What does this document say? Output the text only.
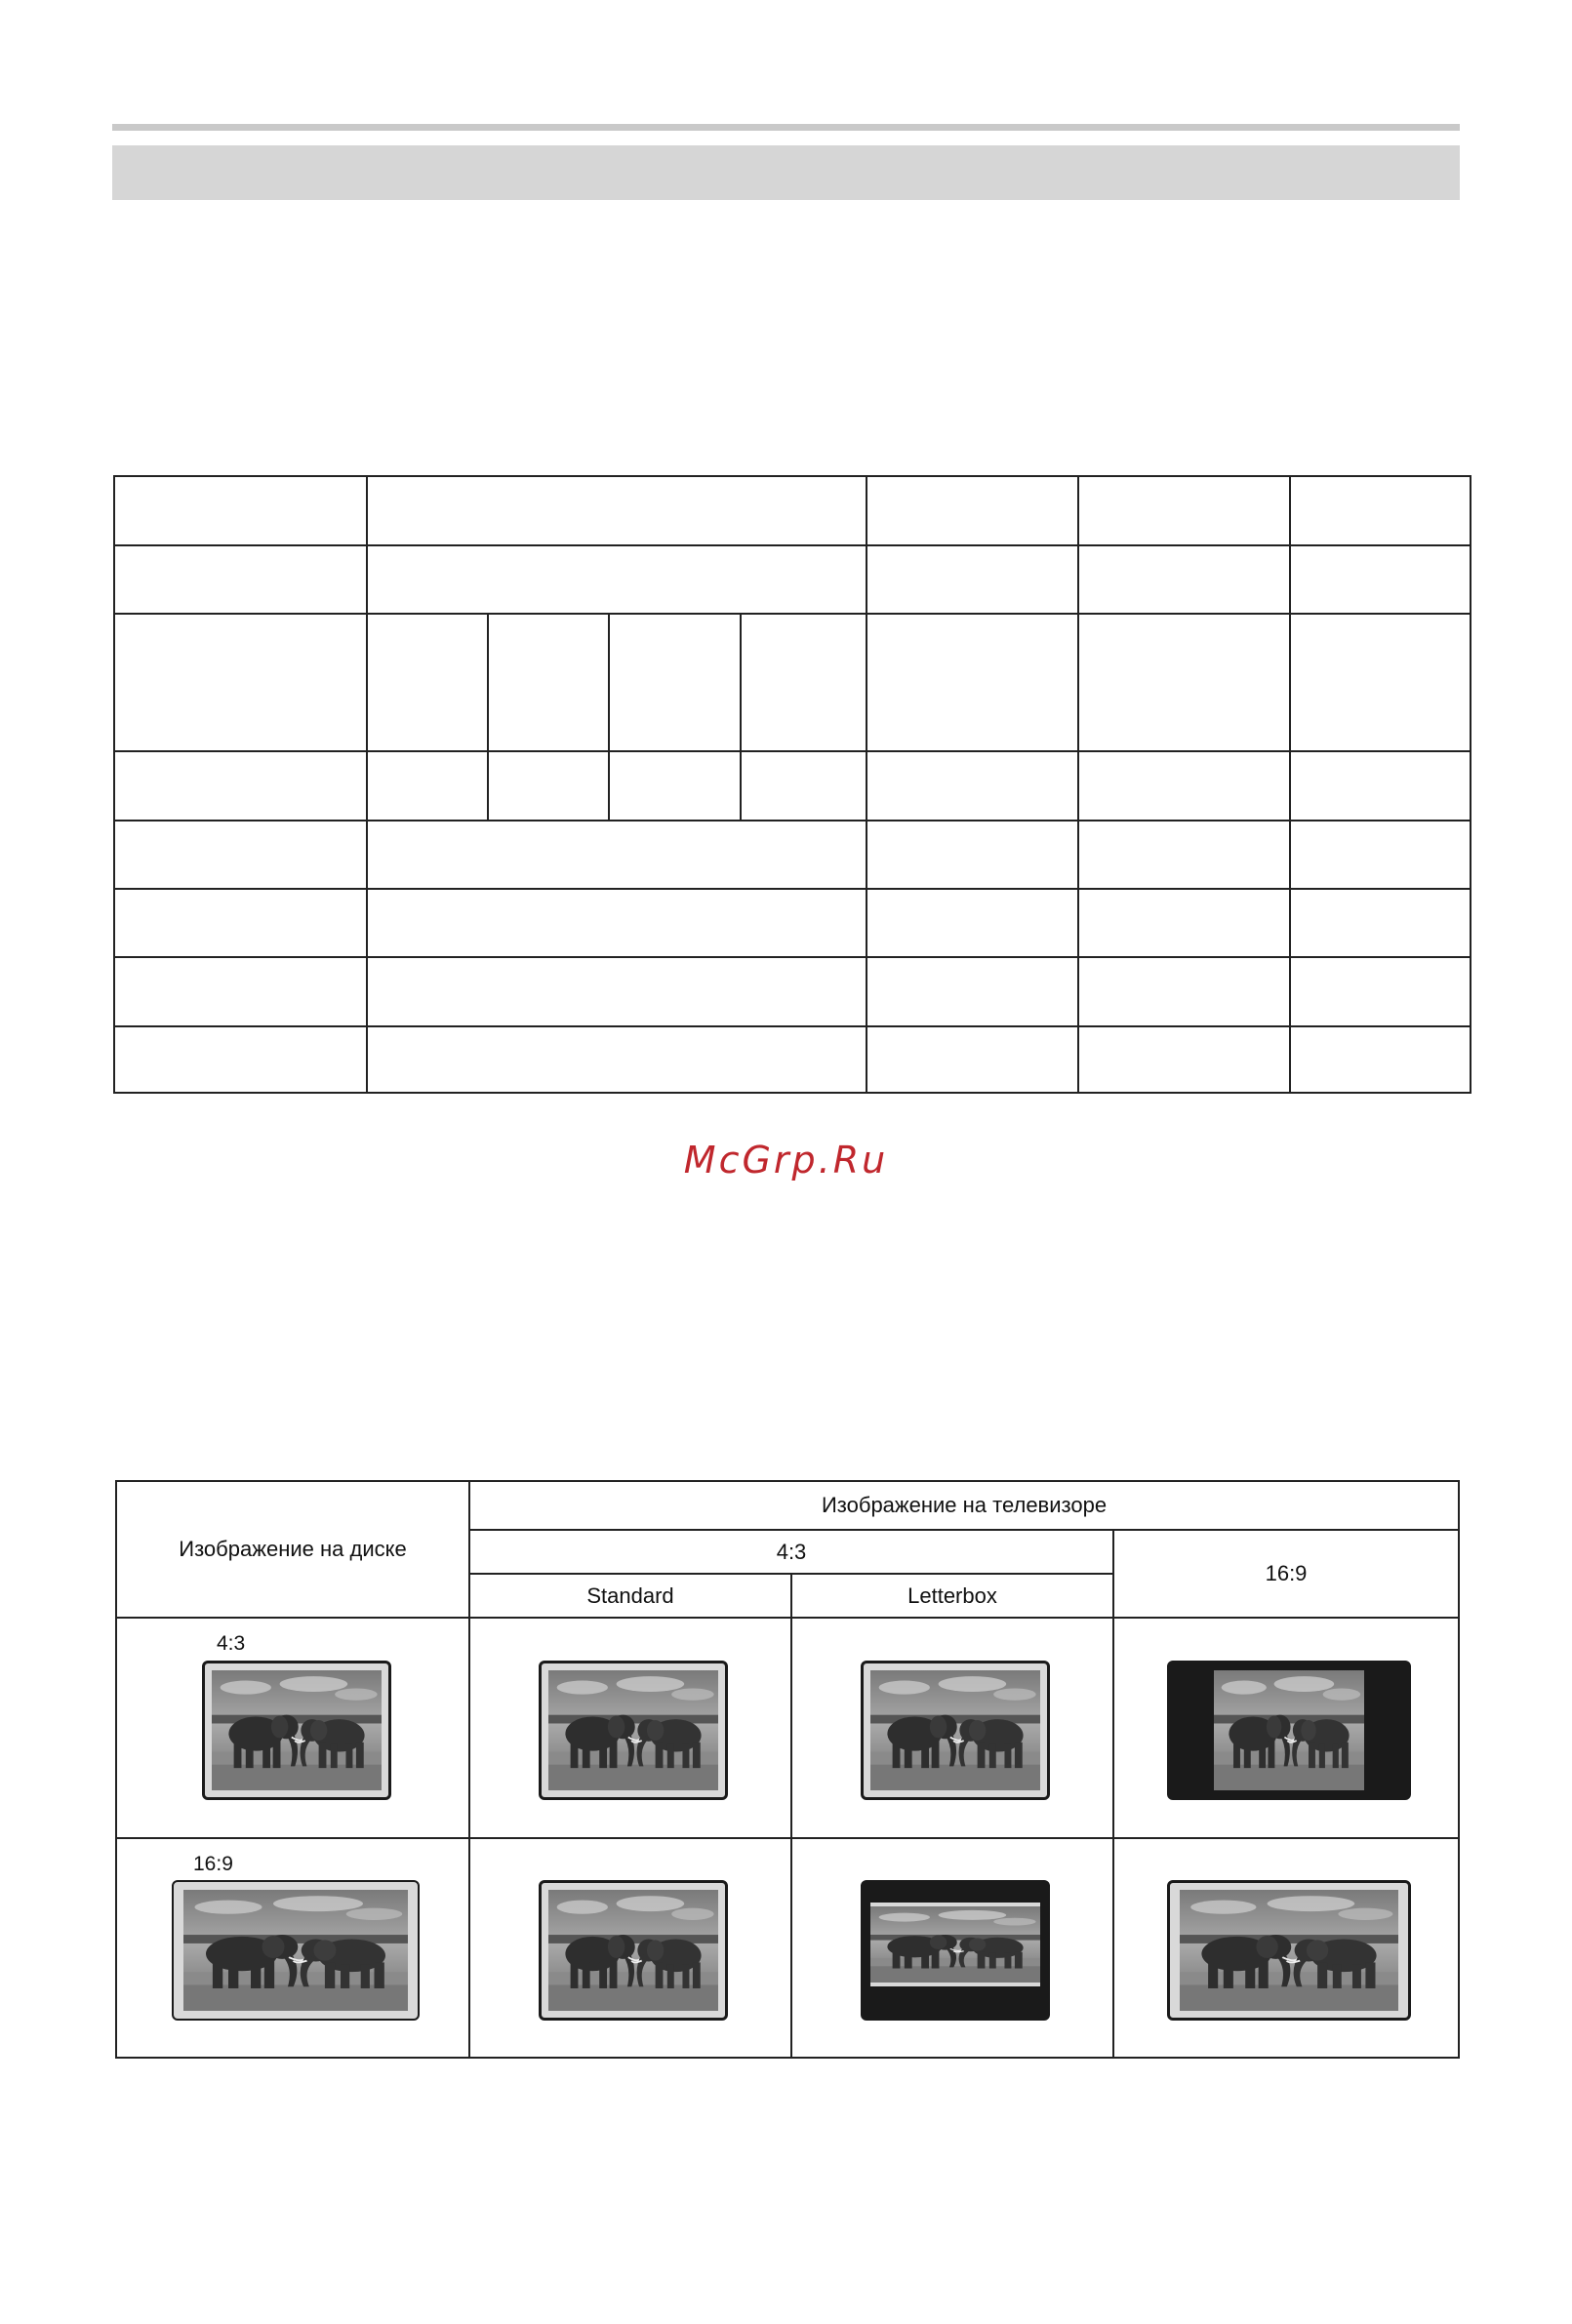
McGrp.Ru
Изображение на диске	Изображение на телевизоре		
	4:3		16:9
	Standard	Letterbox	

4:3

16:9
